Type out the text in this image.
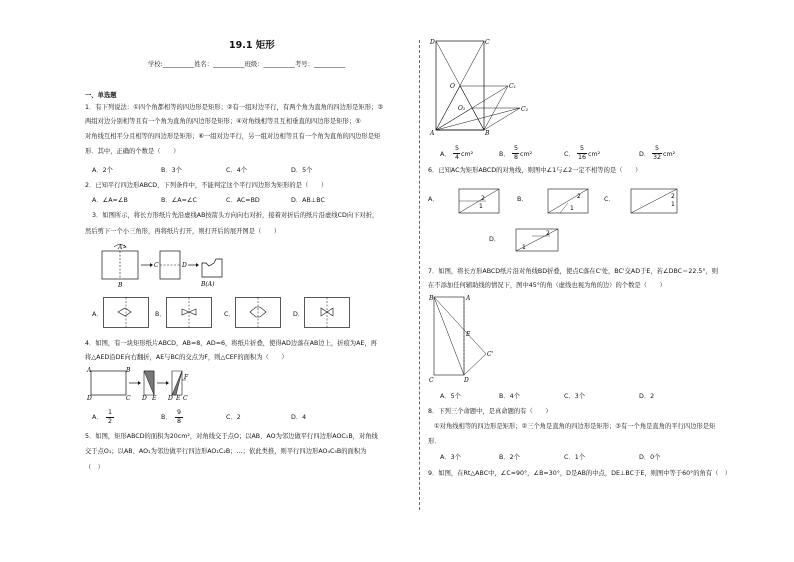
19.1 矩形
学校:__________姓名：__________班级：__________考号：__________
一、单选题
1．有下列说法：①四个角都相等的四边形是矩形；②有一组对边平行，有两个角为直角的四边形是矩形；③
两组对边分别相等且有一个角为直角的四边形是矩形；④对角线相等且互相垂直的四边形是矩形；⑤
对角线互相平分且相等的四边形是矩形；⑥一组对边平行，另一组对边相等且有一个角为直角的四边形是矩
形．其中，正确的个数是（　　）
A．2个	B．3个	C．4个	D．5个
2．已知平行四边形ABCD，下列条件中，不能判定这个平行四边形为矩形的是（　　）
A．∠A=∠B	B．∠A=∠C	C．AC=BD	D．AB⊥BC
3．如图所示，将长方形纸片先沿虚线AB按箭头方向向右对折，接着对折后的纸片沿虚线CD向下对折，
然后剪下一个小三角形，再将纸片打开，则打开后的展开图是（　　）
A
B
C	D
B(A)
A．	B．	C．	D．
4．如图，有一块矩形纸片ABCD，AB=8，AD=6，将纸片折叠，使得AD边落在AB边上，折痕为AE，再
将△AED沿DE向右翻折，AE与BC的交点为F，则△CEF的面积为（　　）
A	B
D	C D E
F
D E C
A．
1
2
B．
9
8
C．2	D．4
5．如图，矩形ABCD的面积为20cm²，对角线交于点O；以AB、AO为邻边做平行四边形AOC₁B，对角线
交于点O₁；以AB、AO₁为邻边做平行四边形AO₁C₂B；…；依此类推，则平行四边形AO₄C₅B的面积为
（　）
D	C
O
O₁
C₁
C₂
A	B
A．
5
4 cm²	B．
5
8 cm²	C．
5
16 cm²	D．
5
32 cm²
6．已知AC为矩形ABCD的对角线，则图中∠1与∠2一定不相等的是（　　）
A．	2
1
B．
1
2	C．	2
1
D．
2
1
7．如图，将长方形ABCD纸片沿对角线BD折叠，使点C落在C'处，BC'交AD于E，若∠DBC＝22.5°，则
在不添加任何辅助线的情况下，图中45°的角（虚线也视为角的边）的个数是（　　）
B	A
E
C'
C	D
A．5个	B．4个	C．3个	D．2
8．下列三个命题中，是真命题的有（　　）
①对角线相等的四边形是矩形；②三个角是直角的四边形是矩形；③有一个角是直角的平行四边形是矩
形．
A．3个	B．2个	C．1个	D．0个
9．如图，在Rt△ABC中，∠C=90°，∠B=30°，D是AB的中点，DE⊥BC于E，则图中等于60°的角有（　）
